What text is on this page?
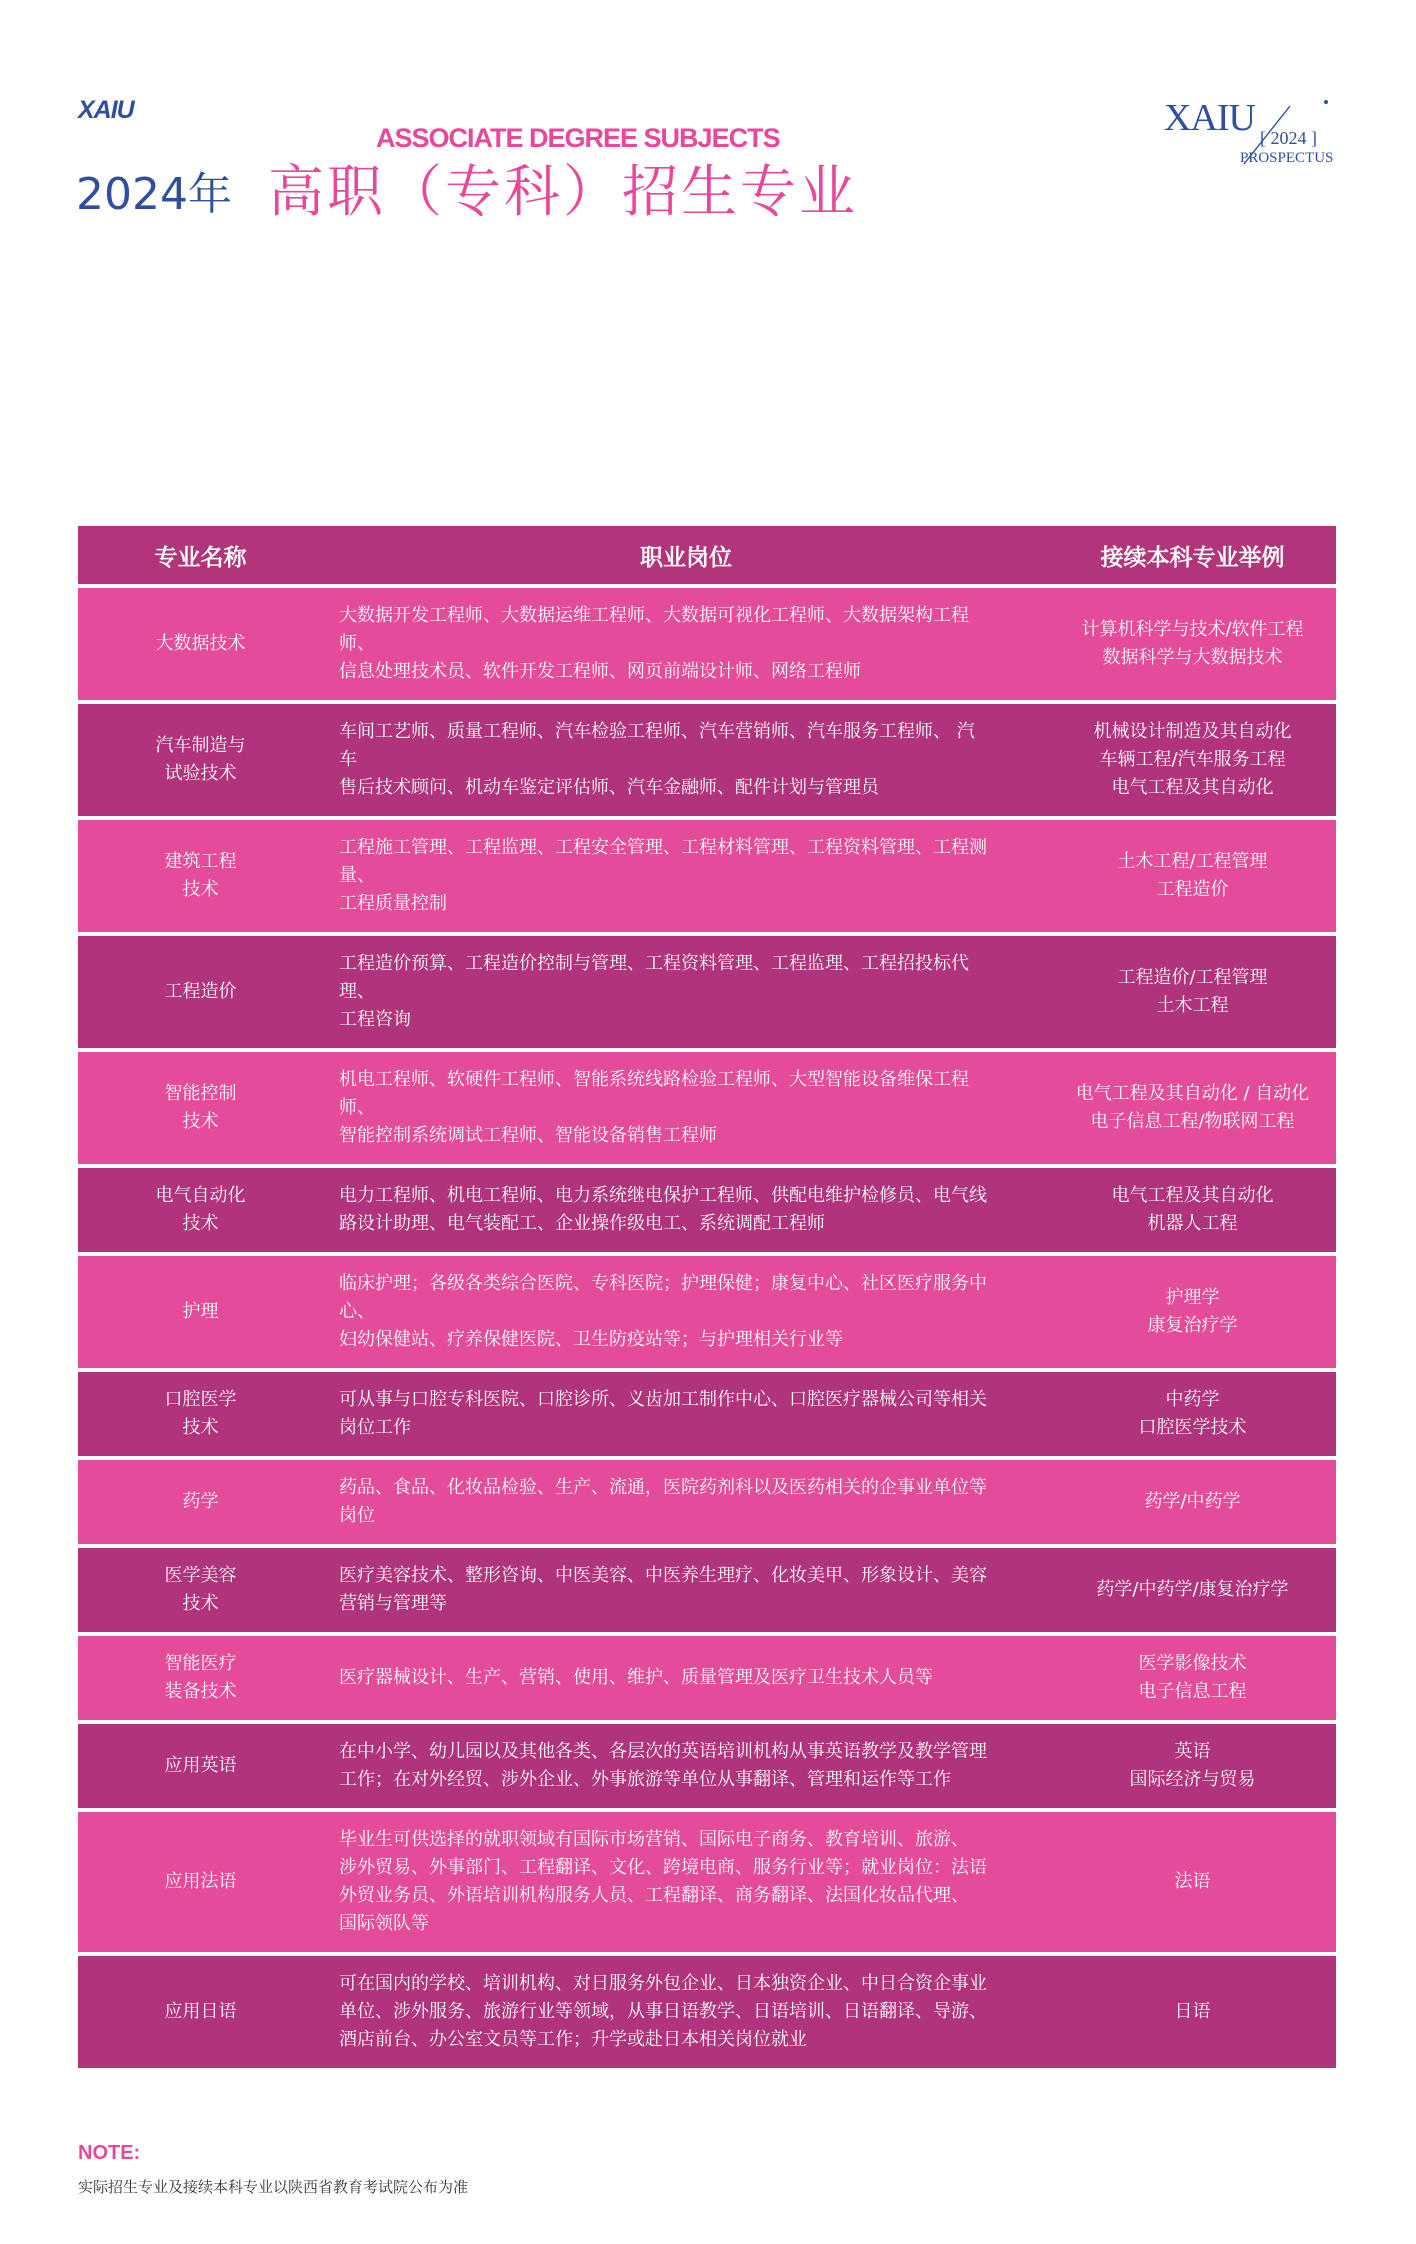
XAIU
ASSOCIATE DEGREE SUBJECTS
2024年 高职（专科）招生专业
XAIU [ 2024 ]
PROSPECTUS
专业名称	职业岗位	接续本科专业举例

大数据技术	大数据开发工程师、大数据运维工程师、大数据可视化工程师、大数据架构工程师、
信息处理技术员、软件开发工程师、网页前端设计师、网络工程师	计算机科学与技术/软件工程
数据科学与大数据技术

汽车制造与
试验技术	车间工艺师、质量工程师、汽车检验工程师、汽车营销师、汽车服务工程师、 汽车
售后技术顾问、机动车鉴定评估师、汽车金融师、配件计划与管理员	机械设计制造及其自动化
车辆工程/汽车服务工程
电气工程及其自动化

建筑工程
技术	工程施工管理、工程监理、工程安全管理、工程材料管理、工程资料管理、工程测量、
工程质量控制	土木工程/工程管理
工程造价

工程造价	工程造价预算、工程造价控制与管理、工程资料管理、工程监理、工程招投标代理、
工程咨询	工程造价/工程管理
土木工程

智能控制
技术	机电工程师、软硬件工程师、智能系统线路检验工程师、大型智能设备维保工程师、
智能控制系统调试工程师、智能设备销售工程师	电气工程及其自动化 / 自动化
电子信息工程/物联网工程

电气自动化
技术	电力工程师、机电工程师、电力系统继电保护工程师、供配电维护检修员、电气线
路设计助理、电气装配工、企业操作级电工、系统调配工程师	电气工程及其自动化
机器人工程

护理	临床护理；各级各类综合医院、专科医院；护理保健；康复中心、社区医疗服务中心、
妇幼保健站、疗养保健医院、卫生防疫站等；与护理相关行业等	护理学
康复治疗学

口腔医学
技术	可从事与口腔专科医院、口腔诊所、义齿加工制作中心、口腔医疗器械公司等相关
岗位工作	中药学
口腔医学技术

药学	药品、食品、化妆品检验、生产、流通，医院药剂科以及医药相关的企事业单位等
岗位	药学/中药学

医学美容
技术	医疗美容技术、整形咨询、中医美容、中医养生理疗、化妆美甲、形象设计、美容
营销与管理等	药学/中药学/康复治疗学

智能医疗
装备技术	医疗器械设计、生产、营销、使用、维护、质量管理及医疗卫生技术人员等	医学影像技术
电子信息工程

应用英语	在中小学、幼儿园以及其他各类、各层次的英语培训机构从事英语教学及教学管理
工作；在对外经贸、涉外企业、外事旅游等单位从事翻译、管理和运作等工作	英语
国际经济与贸易

应用法语	毕业生可供选择的就职领域有国际市场营销、国际电子商务、教育培训、旅游、
涉外贸易、外事部门、工程翻译、文化、跨境电商、服务行业等；就业岗位：法语
外贸业务员、外语培训机构服务人员、工程翻译、商务翻译、法国化妆品代理、
国际领队等	法语

应用日语	可在国内的学校、培训机构、对日服务外包企业、日本独资企业、中日合资企事业
单位、涉外服务、旅游行业等领域，从事日语教学、日语培训、日语翻译、导游、
酒店前台、办公室文员等工作；升学或赴日本相关岗位就业	日语
NOTE:
实际招生专业及接续本科专业以陕西省教育考试院公布为准
